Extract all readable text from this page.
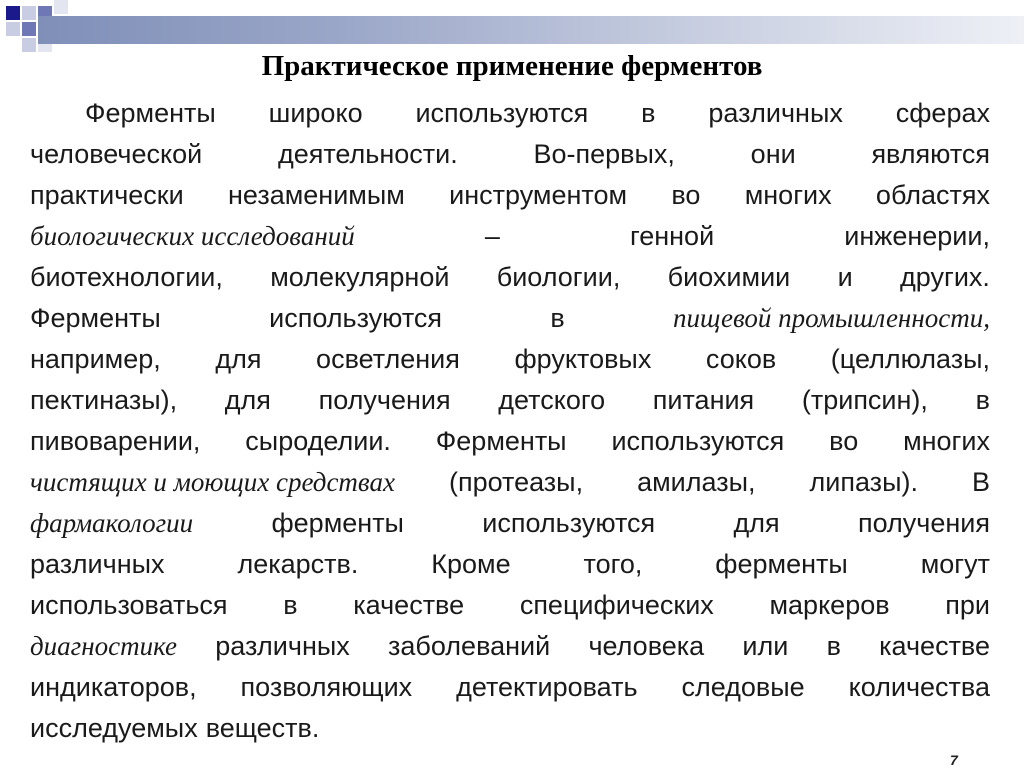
Практическое применение ферментов
Ферменты широко используются в различных сферах
человеческой	деятельности.	Во-первых,	они	являются
практически незаменимым инструментом во многих областях
биологических исследований	–	генной	инженерии,
биотехнологии, молекулярной биологии, биохимии и других.
Ферменты	используются	в	пищевой промышленности,
например, для осветления фруктовых соков (целлюлазы,
пектиназы), для получения детского питания (трипсин), в
пивоварении, сыроделии. Ферменты используются во многих
чистящих и моющих средствах (протеазы, амилазы, липазы). В
фармакологии	ферменты	используются	для	получения
различных	лекарств.	Кроме	того,	ферменты	могут
использоваться в качестве специфических маркеров при
диагностике различных заболеваний человека или в качестве
индикаторов, позволяющих детектировать следовые количества
исследуемых веществ.
7
